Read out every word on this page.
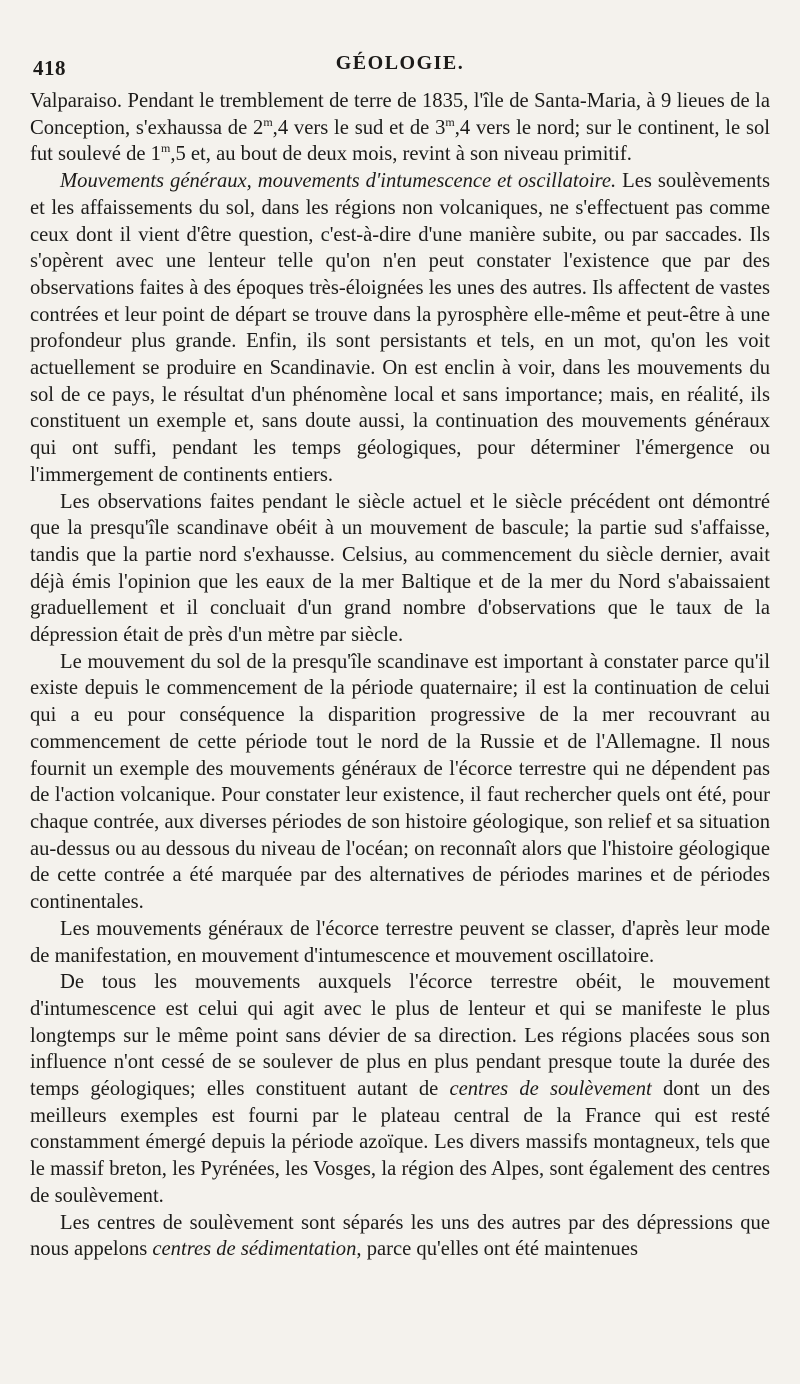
418	GÉOLOGIE.

Valparaiso. Pendant le tremblement de terre de 1835, l'île de Santa-Maria, à 9 lieues de la Conception, s'exhaussa de 2$^m$,4 vers le sud et de 3$^m$,4 vers le nord; sur le continent, le sol fut soulevé de 1$^m$,5 et, au bout de deux mois, revint à son niveau primitif.

Mouvements généraux, mouvements d'intumescence et oscillatoire. Les soulèvements et les affaissements du sol, dans les régions non volcaniques, ne s'effectuent pas comme ceux dont il vient d'être question, c'est-à-dire d'une manière subite, ou par saccades. Ils s'opèrent avec une lenteur telle qu'on n'en peut constater l'existence que par des observations faites à des époques très-éloignées les unes des autres. Ils affectent de vastes contrées et leur point de départ se trouve dans la pyrosphère elle-même et peut-être à une profondeur plus grande. Enfin, ils sont persistants et tels, en un mot, qu'on les voit actuellement se produire en Scandinavie. On est enclin à voir, dans les mouvements du sol de ce pays, le résultat d'un phénomène local et sans importance; mais, en réalité, ils constituent un exemple et, sans doute aussi, la continuation des mouvements généraux qui ont suffi, pendant les temps géologiques, pour déterminer l'émergence ou l'immergement de continents entiers.

Les observations faites pendant le siècle actuel et le siècle précédent ont démontré que la presqu'île scandinave obéit à un mouvement de bascule; la partie sud s'affaisse, tandis que la partie nord s'exhausse. Celsius, au commencement du siècle dernier, avait déjà émis l'opinion que les eaux de la mer Baltique et de la mer du Nord s'abaissaient graduellement et il concluait d'un grand nombre d'observations que le taux de la dépression était de près d'un mètre par siècle.

Le mouvement du sol de la presqu'île scandinave est important à constater parce qu'il existe depuis le commencement de la période quaternaire; il est la continuation de celui qui a eu pour conséquence la disparition progressive de la mer recouvrant au commencement de cette période tout le nord de la Russie et de l'Allemagne. Il nous fournit un exemple des mouvements généraux de l'écorce terrestre qui ne dépendent pas de l'action volcanique. Pour constater leur existence, il faut rechercher quels ont été, pour chaque contrée, aux diverses périodes de son histoire géologique, son relief et sa situation au-dessus ou au dessous du niveau de l'océan; on reconnaît alors que l'histoire géologique de cette contrée a été marquée par des alternatives de périodes marines et de périodes continentales.

Les mouvements généraux de l'écorce terrestre peuvent se classer, d'après leur mode de manifestation, en mouvement d'intumescence et mouvement oscillatoire.

De tous les mouvements auxquels l'écorce terrestre obéit, le mouvement d'intumescence est celui qui agit avec le plus de lenteur et qui se manifeste le plus longtemps sur le même point sans dévier de sa direction. Les régions placées sous son influence n'ont cessé de se soulever de plus en plus pendant presque toute la durée des temps géologiques; elles constituent autant de centres de soulèvement dont un des meilleurs exemples est fourni par le plateau central de la France qui est resté constamment émergé depuis la période azoïque. Les divers massifs montagneux, tels que le massif breton, les Pyrénées, les Vosges, la région des Alpes, sont également des centres de soulèvement.

Les centres de soulèvement sont séparés les uns des autres par des dépressions que nous appelons centres de sédimentation, parce qu'elles ont été maintenues
